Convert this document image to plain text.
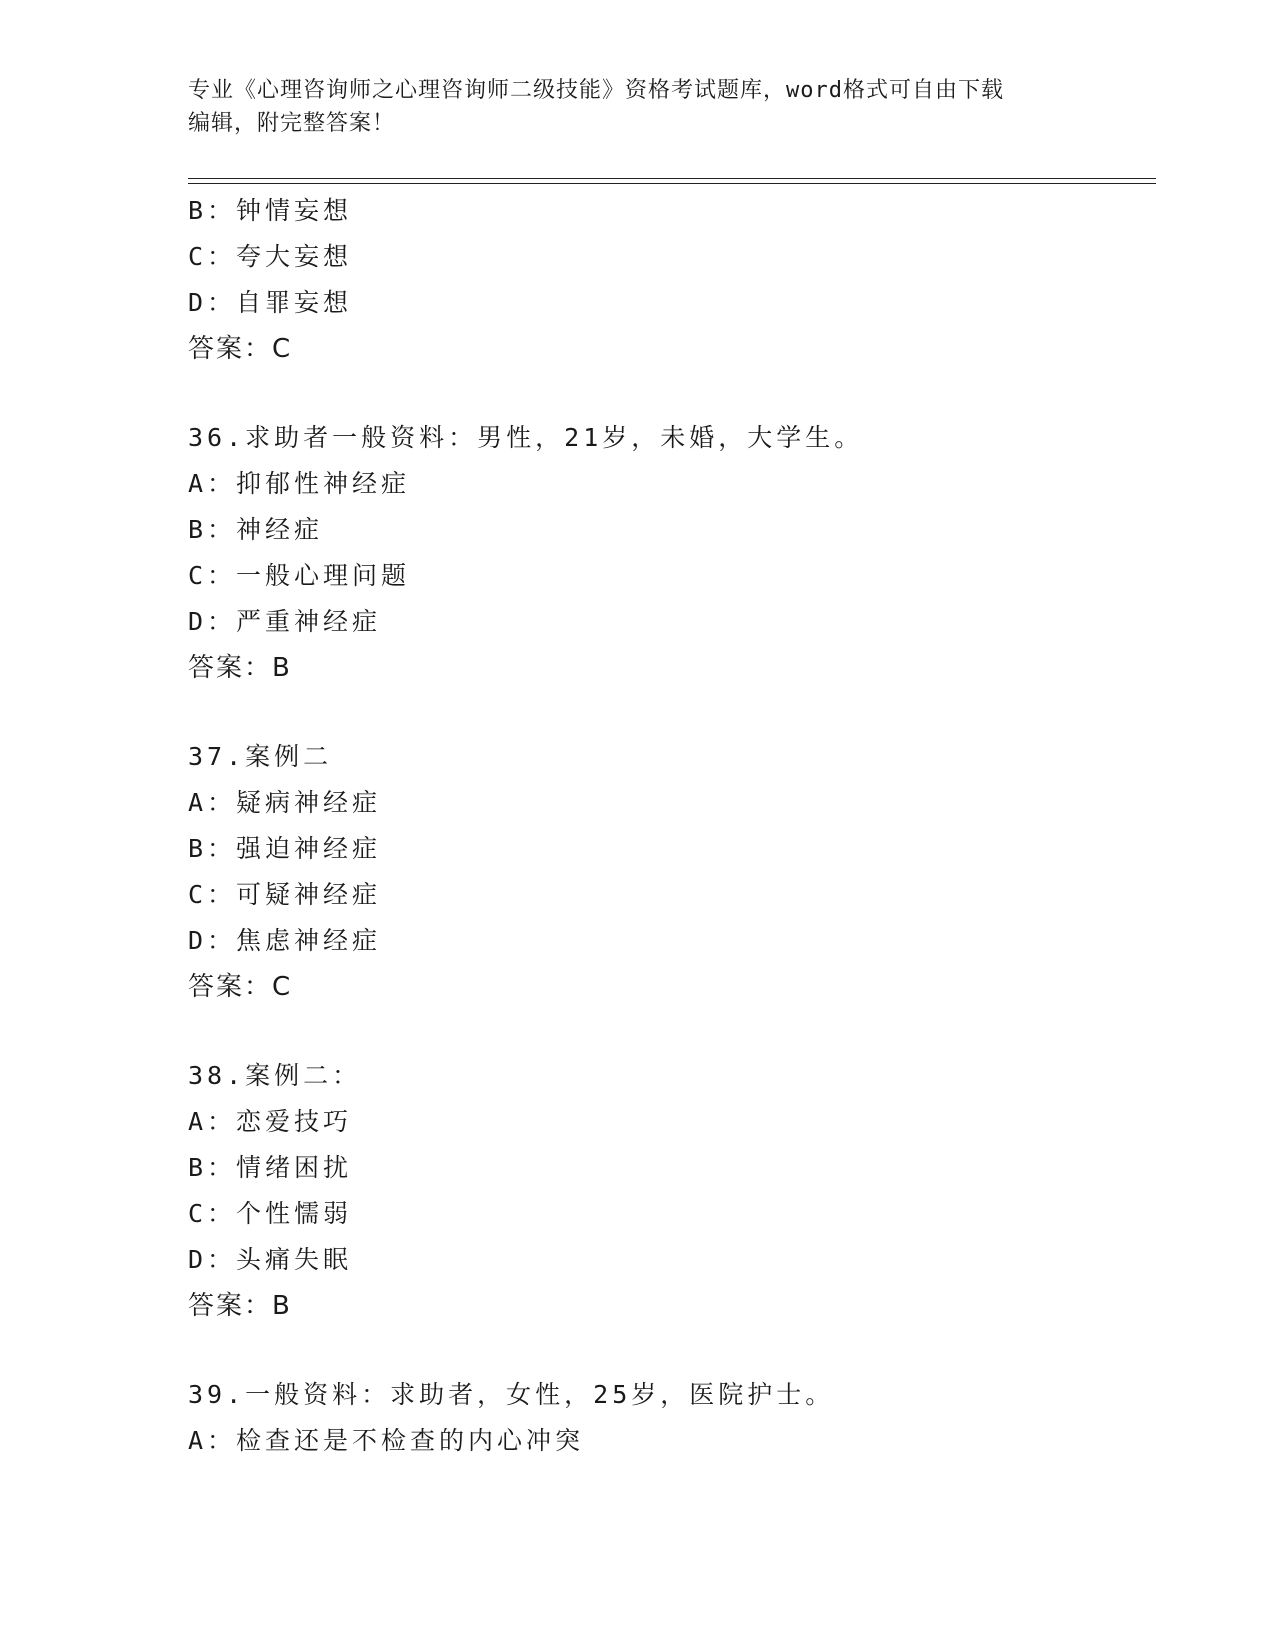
专业《心理咨询师之心理咨询师二级技能》资格考试题库，word格式可自由下载
编辑，附完整答案！
B：钟情妄想
C：夸大妄想
D：自罪妄想
答案：C
36.求助者一般资料：男性，21岁，未婚，大学生。
A：抑郁性神经症
B：神经症
C：一般心理问题
D：严重神经症
答案：B
37.案例二
A：疑病神经症
B：强迫神经症
C：可疑神经症
D：焦虑神经症
答案：C
38.案例二：
A：恋爱技巧
B：情绪困扰
C：个性懦弱
D：头痛失眠
答案：B
39.一般资料：求助者，女性，25岁，医院护士。
A：检查还是不检查的内心冲突
